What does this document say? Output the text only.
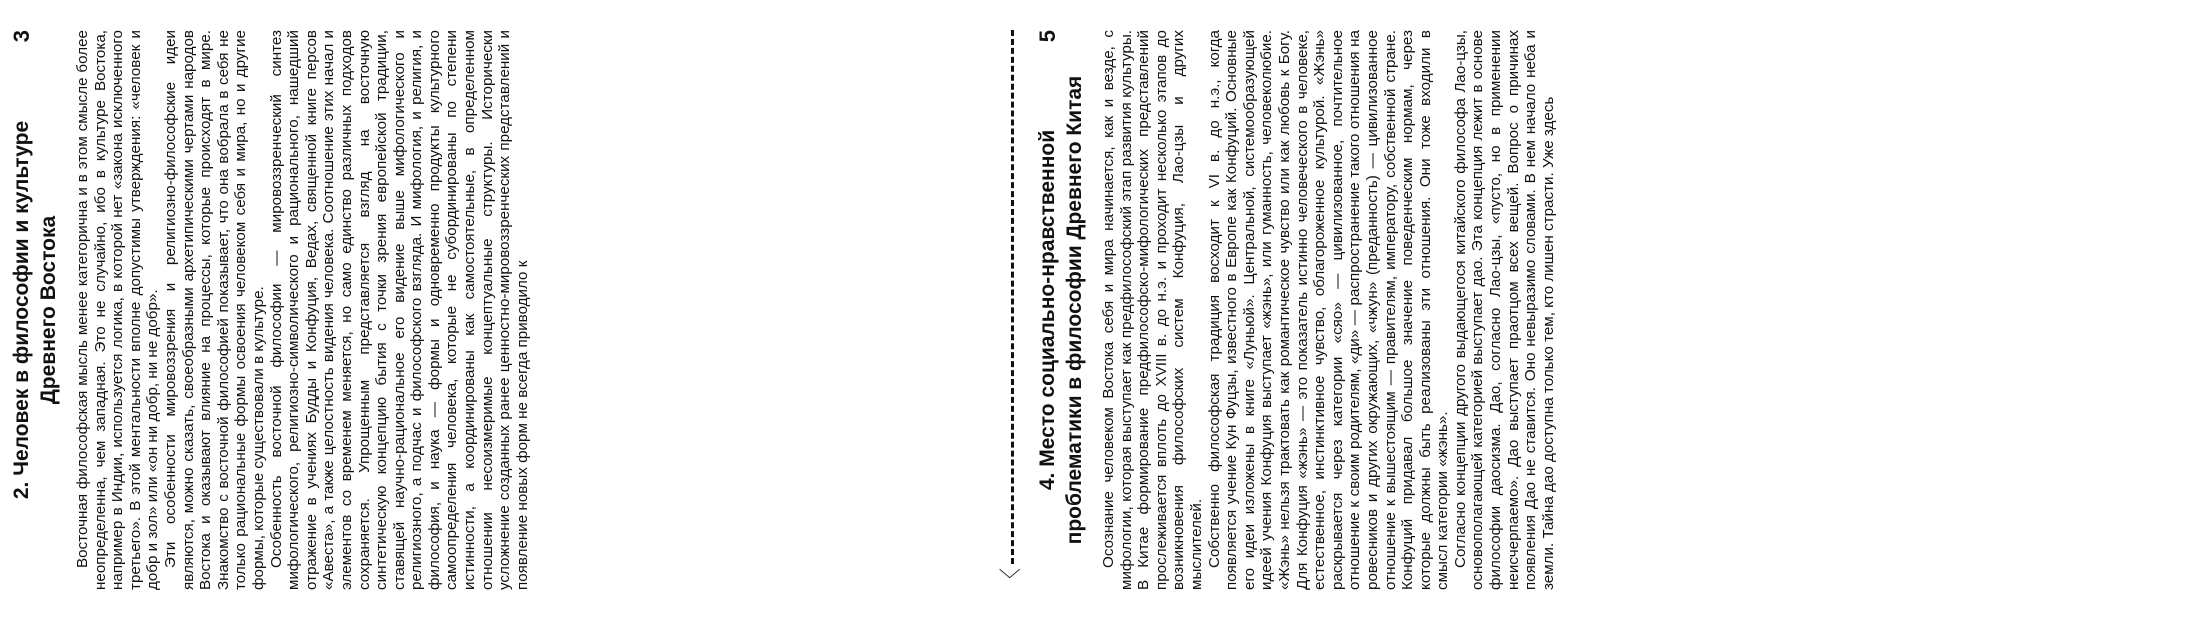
3
2. Человек в философии и культуре Древнего Востока Восточная философская мысль менее категорична и в этом смысле более неопределенна, чем западная. Это не случайно, ибо в культуре Востока, например в Индии, используется логика, в которой нет «закона исключенного третьего». В этой ментальности вполне допустимы утверждения: «человек и добр и зол» или «он ни добр, ни не добр». Эти особенности мировоззрения и религиозно-философские идеи являются, можно сказать, своеобразными архетипическими чертами народов Востока и оказывают влияние на процессы, которые происходят в мире. Знакомство с восточной философией показывает, что она вобрала в себя не только рациональные формы освоения человеком себя и мира, но и другие формы, которые существовали в культуре. Особенность восточной философии — мировоззренческий синтез мифологического, религиозно-символического и рационального, нашедший отражение в учениях Будды и Конфуция, Ведах, священной книге персов «Авеста», а также целостность видения человека. Соотношение этих начал и элементов со временем меняется, но само единство различных подходов сохраняется. Упрощенным представляется взгляд на восточную синтетическую концепцию бытия с точки зрения европейской традиции, ставящей научно-рациональное его видение выше мифологического и религиозного, а подчас и философского взгляда. И мифология, и религия, и философия, и наука — формы и одновременно продукты культурного самоопределения человека, которые не субординированы по степени истинности, а координированы как самостоятельные, в определенном отношении несоизмеримые концептуальные структуры. Исторически усложнение созданных ранее ценностно-мировоззренческих представлений и появление новых форм не всегда приводило к	〈
5
4. Место социально-нравственной проблематики в философии Древнего Китая Осознание человеком Востока себя и мира начинается, как и везде, с мифологии, которая выступает как предфилософский этап развития культуры. В Китае формирование предфилософско-мифологических представлений прослеживается вплоть до XVIII в. до н.э. и проходит несколько этапов до возникновения философских систем Конфуция, Лао-цзы и других мыслителей. Собственно философская традиция восходит к VI в. до н.э., когда появляется учение Кун Фуцзы, известного в Европе как Конфуций. Основные его идеи изложены в книге «Луньюй». Центральной, системообразующей идеей учения Конфуция выступает «жэнь», или гуманность, человеколюбие. «Жэнь» нельзя трактовать как романтическое чувство или как любовь к Богу. Для Конфуция «жэнь» — это показатель истинно человеческого в человеке, естественное, инстинктивное чувство, облагороженное культурой. «Жэнь» раскрывается через категории «сяо» — цивилизованное, почтительное отношение к своим родителям, «ди» — распространение такого отношения на ровесников и других окружающих, «чжун» (преданность) — цивилизованное отношение к вышестоящим — правителям, императору, собственной стране. Конфуций придавал большое значение поведенческим нормам, через которые должны быть реализованы эти отношения. Они тоже входили в смысл категории «жэнь». Согласно концепции другого выдающегося китайского философа Лао-цзы, основополагающей категорией выступает дао. Эта концепция лежит в основе философии даосизма. Дао, согласно Лао-цзы, «пусто, но в применении неисчерпаемо». Дао выступает праотцом всех вещей. Вопрос о причинах появления Дао не ставится. Оно невыразимо словами. В нем начало неба и земли. Тайна дао доступна только тем, кто лишен страсти. Уже здесь
